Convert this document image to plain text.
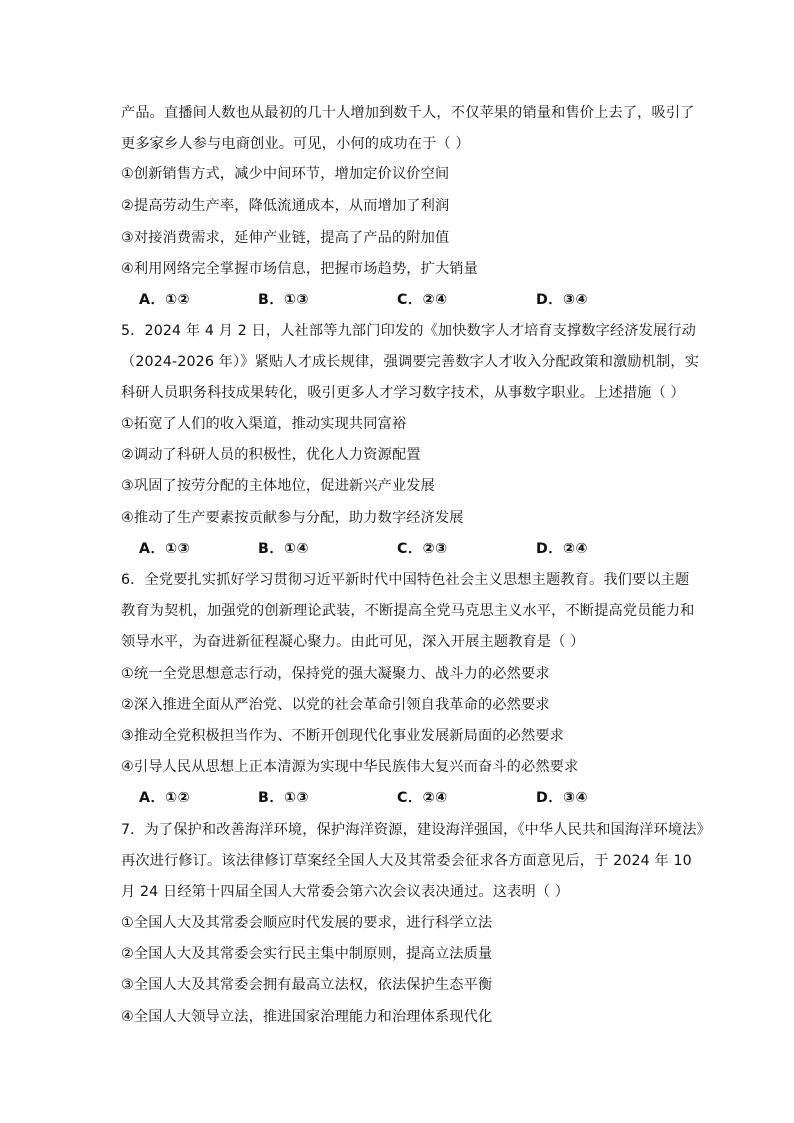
产品。直播间人数也从最初的几十人增加到数千人，不仅苹果的销量和售价上去了，吸引了
更多家乡人参与电商创业。可见，小何的成功在于（ ）
①创新销售方式，减少中间环节，增加定价议价空间
②提高劳动生产率，降低流通成本，从而增加了利润
③对接消费需求，延伸产业链，提高了产品的附加值
④利用网络完全掌握市场信息，把握市场趋势，扩大销量
A．①②	B．①③	C．②④	D．③④
5．2024 年 4 月 2 日，人社部等九部门印发的《加快数字人才培育支撑数字经济发展行动
（2024-2026 年）》紧贴人才成长规律，强调要完善数字人才收入分配政策和激励机制，实
科研人员职务科技成果转化，吸引更多人才学习数字技术，从事数字职业。上述措施（ ）
①拓宽了人们的收入渠道，推动实现共同富裕
②调动了科研人员的积极性，优化人力资源配置
③巩固了按劳分配的主体地位，促进新兴产业发展
④推动了生产要素按贡献参与分配，助力数字经济发展
A．①③	B．①④	C．②③	D．②④
6．全党要扎实抓好学习贯彻习近平新时代中国特色社会主义思想主题教育。我们要以主题
教育为契机，加强党的创新理论武装，不断提高全党马克思主义水平，不断提高党员能力和
领导水平，为奋进新征程凝心聚力。由此可见，深入开展主题教育是（ ）
①统一全党思想意志行动，保持党的强大凝聚力、战斗力的必然要求
②深入推进全面从严治党、以党的社会革命引领自我革命的必然要求
③推动全党积极担当作为、不断开创现代化事业发展新局面的必然要求
④引导人民从思想上正本清源为实现中华民族伟大复兴而奋斗的必然要求
A．①②	B．①③	C．②④	D．③④
7．为了保护和改善海洋环境，保护海洋资源，建设海洋强国，《中华人民共和国海洋环境法》
再次进行修订。该法律修订草案经全国人大及其常委会征求各方面意见后，于 2024 年 10
月 24 日经第十四届全国人大常委会第六次会议表决通过。这表明（ ）
①全国人大及其常委会顺应时代发展的要求，进行科学立法
②全国人大及其常委会实行民主集中制原则，提高立法质量
③全国人大及其常委会拥有最高立法权，依法保护生态平衡
④全国人大领导立法，推进国家治理能力和治理体系现代化
